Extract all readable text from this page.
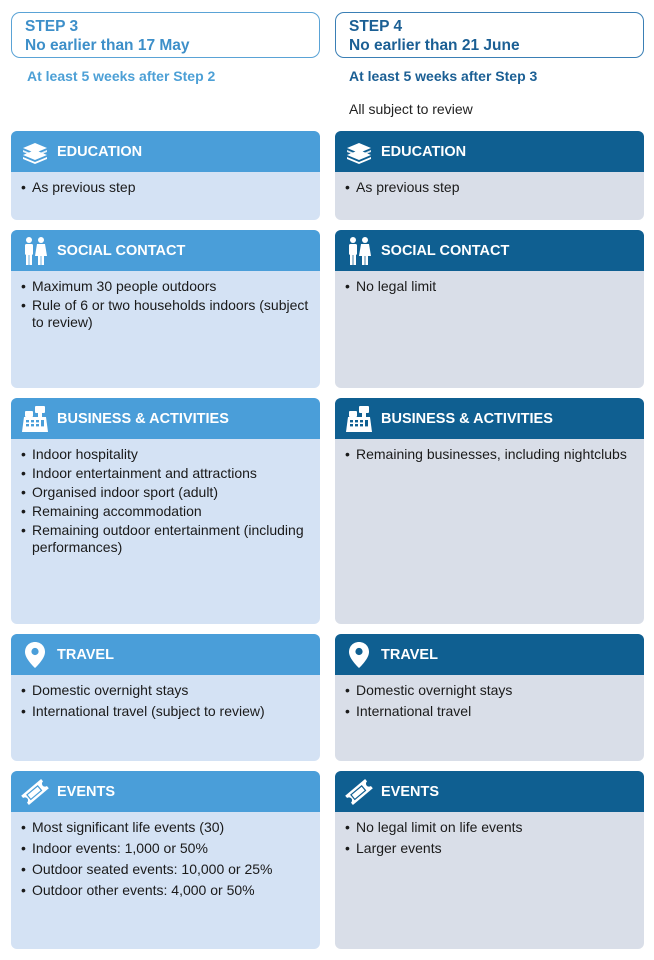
STEP 3
No earlier than 17 May
At least 5 weeks after Step 2
EDUCATION
• As previous step
SOCIAL CONTACT
• Maximum 30 people outdoors
• Rule of 6 or two households indoors (subject to review)
BUSINESS & ACTIVITIES
• Indoor hospitality
• Indoor entertainment and attractions
• Organised indoor sport (adult)
• Remaining accommodation
• Remaining outdoor entertainment (including performances)
TRAVEL
• Domestic overnight stays
• International travel (subject to review)
EVENTS
• Most significant life events (30)
• Indoor events: 1,000 or 50%
• Outdoor seated events: 10,000 or 25%
• Outdoor other events: 4,000 or 50%
STEP 4
No earlier than 21 June
At least 5 weeks after Step 3
All subject to review
EDUCATION
• As previous step
SOCIAL CONTACT
• No legal limit
BUSINESS & ACTIVITIES
• Remaining businesses, including nightclubs
TRAVEL
• Domestic overnight stays
• International travel
EVENTS
• No legal limit on life events
• Larger events
